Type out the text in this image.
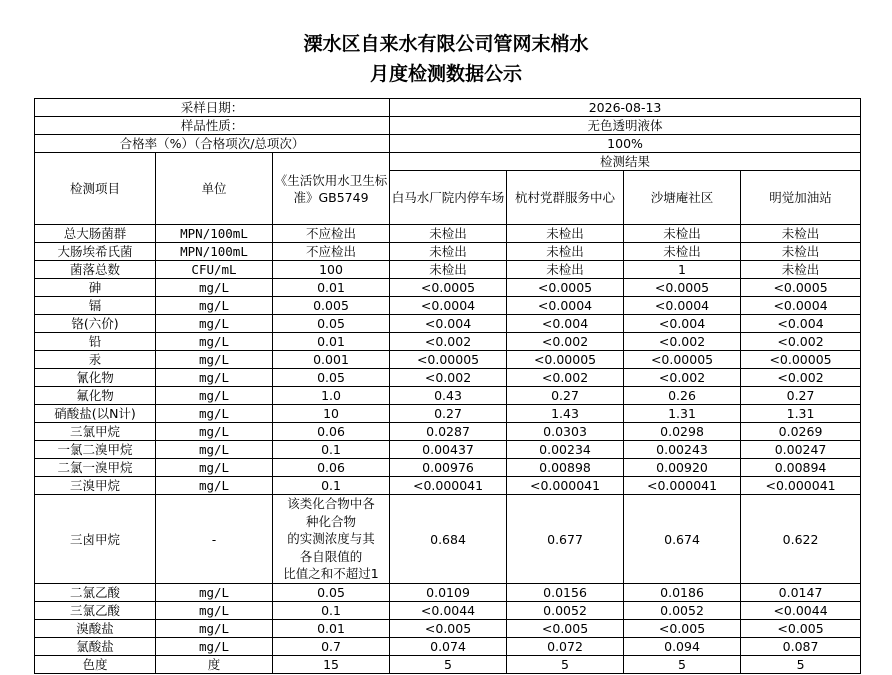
溧水区自来水有限公司管网末梢水
月度检测数据公示
采样日期：			2026-08-13			
样品性质：			无色透明液体			
合格率（%）（合格项次/总项次）			100%			
检测项目	单位	《生活饮用水卫生标准》GB5749	检测结果			
			白马水厂院内停车场	杭村党群服务中心	沙塘庵社区	明觉加油站
总大肠菌群	MPN/100mL	不应检出	未检出	未检出	未检出	未检出
大肠埃希氏菌	MPN/100mL	不应检出	未检出	未检出	未检出	未检出
菌落总数	CFU/mL	100	未检出	未检出	1	未检出
砷	mg/L	0.01	<0.0005	<0.0005	<0.0005	<0.0005
镉	mg/L	0.005	<0.0004	<0.0004	<0.0004	<0.0004
铬(六价)	mg/L	0.05	<0.004	<0.004	<0.004	<0.004
铅	mg/L	0.01	<0.002	<0.002	<0.002	<0.002
汞	mg/L	0.001	<0.00005	<0.00005	<0.00005	<0.00005
氰化物	mg/L	0.05	<0.002	<0.002	<0.002	<0.002
氟化物	mg/L	1.0	0.43	0.27	0.26	0.27
硝酸盐(以N计)	mg/L	10	0.27	1.43	1.31	1.31
三氯甲烷	mg/L	0.06	0.0287	0.0303	0.0298	0.0269
一氯二溴甲烷	mg/L	0.1	0.00437	0.00234	0.00243	0.00247
二氯一溴甲烷	mg/L	0.06	0.00976	0.00898	0.00920	0.00894
三溴甲烷	mg/L	0.1	<0.000041	<0.000041	<0.000041	<0.000041
三卤甲烷	-	该类化合物中各
种化合物
的实测浓度与其
各自限值的
比值之和不超过1	0.684	0.677	0.674	0.622
二氯乙酸	mg/L	0.05	0.0109	0.0156	0.0186	0.0147
三氯乙酸	mg/L	0.1	<0.0044	0.0052	0.0052	<0.0044
溴酸盐	mg/L	0.01	<0.005	<0.005	<0.005	<0.005
氯酸盐	mg/L	0.7	0.074	0.072	0.094	0.087
色度	度	15	5	5	5	5
